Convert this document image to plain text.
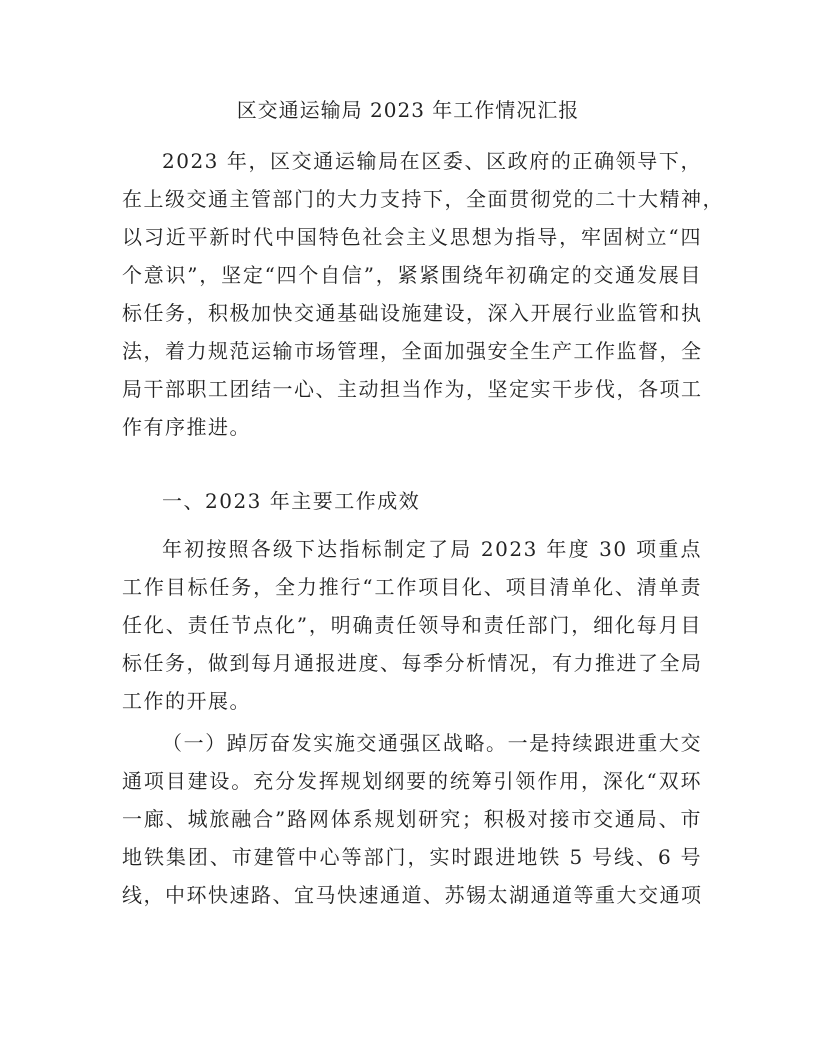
区交通运输局 2023 年工作情况汇报
2023 年，区交通运输局在区委、区政府的正确领导下，
在上级交通主管部门的大力支持下，全面贯彻党的二十大精神，
以习近平新时代中国特色社会主义思想为指导，牢固树立“四
个意识”，坚定“四个自信”，紧紧围绕年初确定的交通发展目
标任务，积极加快交通基础设施建设，深入开展行业监管和执
法，着力规范运输市场管理，全面加强安全生产工作监督，全
局干部职工团结一心、主动担当作为，坚定实干步伐，各项工
作有序推进。
一、2023 年主要工作成效
年初按照各级下达指标制定了局 2023 年度 30 项重点
工作目标任务，全力推行“工作项目化、项目清单化、清单责
任化、责任节点化”，明确责任领导和责任部门，细化每月目
标任务，做到每月通报进度、每季分析情况，有力推进了全局
工作的开展。
（一）踔厉奋发实施交通强区战略。一是持续跟进重大交
通项目建设。充分发挥规划纲要的统筹引领作用，深化“双环
一廊、城旅融合”路网体系规划研究；积极对接市交通局、市
地铁集团、市建管中心等部门，实时跟进地铁 5 号线、6 号
线，中环快速路、宜马快速通道、苏锡太湖通道等重大交通项
